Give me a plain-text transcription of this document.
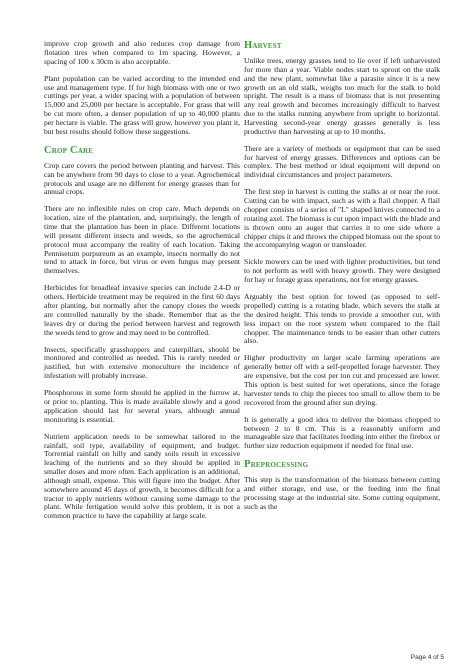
improve crop growth and also reduces crop damage from flotation tires when compared to 1m spacing. However, a spacing of 100 x 30cm is also acceptable.

Plant population can be varied according to the intended end use and management type. If for high biomass with one or two cuttings per year, a wider spacing with a population of between 15,000 and 25,000 per hectare is acceptable. For grass that will be cut more often, a denser population of up to 40,000 plants per hectare is viable. The grass will grow, however you plant it, but best results should follow these suggestions.

Crop Care

Crop care covers the period between planting and harvest. This can be anywhere from 90 days to close to a year. Agrochemical protocols and usage are no different for energy grasses than for annual crops.

There are no inflexible rules on crop care. Much depends on location, size of the plantation, and, surprisingly, the length of time that the plantation has been in place. Different locations will present different insects and weeds, so the agrochemical protocol must accompany the reality of each location. Taking Pennisetum purpureum as an example, insects normally do not tend to attack in force, but virus or even fungus may present themselves.

Herbicides for broadleaf invasive species can include 2.4-D or others. Herbicide treatment may be required in the first 60 days after planting, but normally after the canopy closes the weeds are controlled naturally by the shade. Remember that as the leaves dry or during the period between harvest and regrowth the weeds tend to grow and may need to be controlled.

Insects, specifically grasshoppers and caterpillars, should be monitored and controlled as needed. This is rarely needed or justified, but with extensive monoculture the incidence of infestation will probably increase.

Phosphorous in some form should be applied in the furrow at, or prior to, planting. This is made available slowly and a good application should last for several years, although annual monitoring is essential.

Nutrient application needs to be somewhat tailored to the rainfall, soil type, availability of equipment, and budget. Torrential rainfall on hilly and sandy soils result in excessive leaching of the nutrients and so they should be applied in smaller doses and more often. Each application is an additional, although small, expense. This will figure into the budget. After somewhere around 45 days of growth, it becomes difficult for a tractor to apply nutrients without causing some damage to the plant. While fertigation would solve this problem, it is not a common practice to have the capability at large scale.

Harvest

Unlike trees, energy grasses tend to lie over if left unharvested for more than a year. Viable nodes start to sprout on the stalk and the new plant, somewhat like a parasite since it is a new growth on an old stalk, weighs too much for the stalk to hold upright. The result is a mass of biomass that is not presenting any real growth and becomes increasingly difficult to harvest due to the stalks running anywhere from upright to horizontal. Harvesting second-year energy grasses generally is less productive than harvesting at up to 10 months.

There are a variety of methods or equipment that can be used for harvest of energy grasses. Differences and options can be complex. The best method or ideal equipment will depend on individual circumstances and project parameters.

The first step in harvest is cutting the stalks at or near the root. Cutting can be with impact, such as with a flail chopper. A flail chopper consists of a series of "L" shaped knives connected to a rotating axel. The biomass is cut upon impact with the blade and is thrown onto an auger that carries it to one side where a chipper chips it and throws the chipped biomass out the spout to the accompanying wagon or transloader.

Sickle mowers can be used with lighter productivities, but tend to not perform as well with heavy growth. They were designed for hay or forage grass operations, not for energy grasses.

Arguably the best option for towed (as opposed to self-propelled) cutting is a rotating blade, which severs the stalk at the desired height. This tends to provide a smoother cut, with less impact on the root system when compared to the flail chopper. The maintenance tends to be easier than other cutters also.

Higher productivity on larger scale farming operations are generally better off with a self-propelled forage harvester. They are expensive, but the cost per ton cut and processed are lower. This option is best suited for wet operations, since the forage harvester tends to chip the pieces too small to allow them to be recovered from the ground after sun drying.

It is generally a good idea to deliver the biomass chopped to between 2 to 8 cm. This is a reasonably uniform and manageable size that facilitates feeding into either the firebox or further size reduction equipment if needed for final use.

Preprocessing

This step is the transformation of the biomass between cutting and either storage, end use, or the feeding into the final processing stage at the industrial site. Some cutting equipment, such as the

Page 4 of 5
